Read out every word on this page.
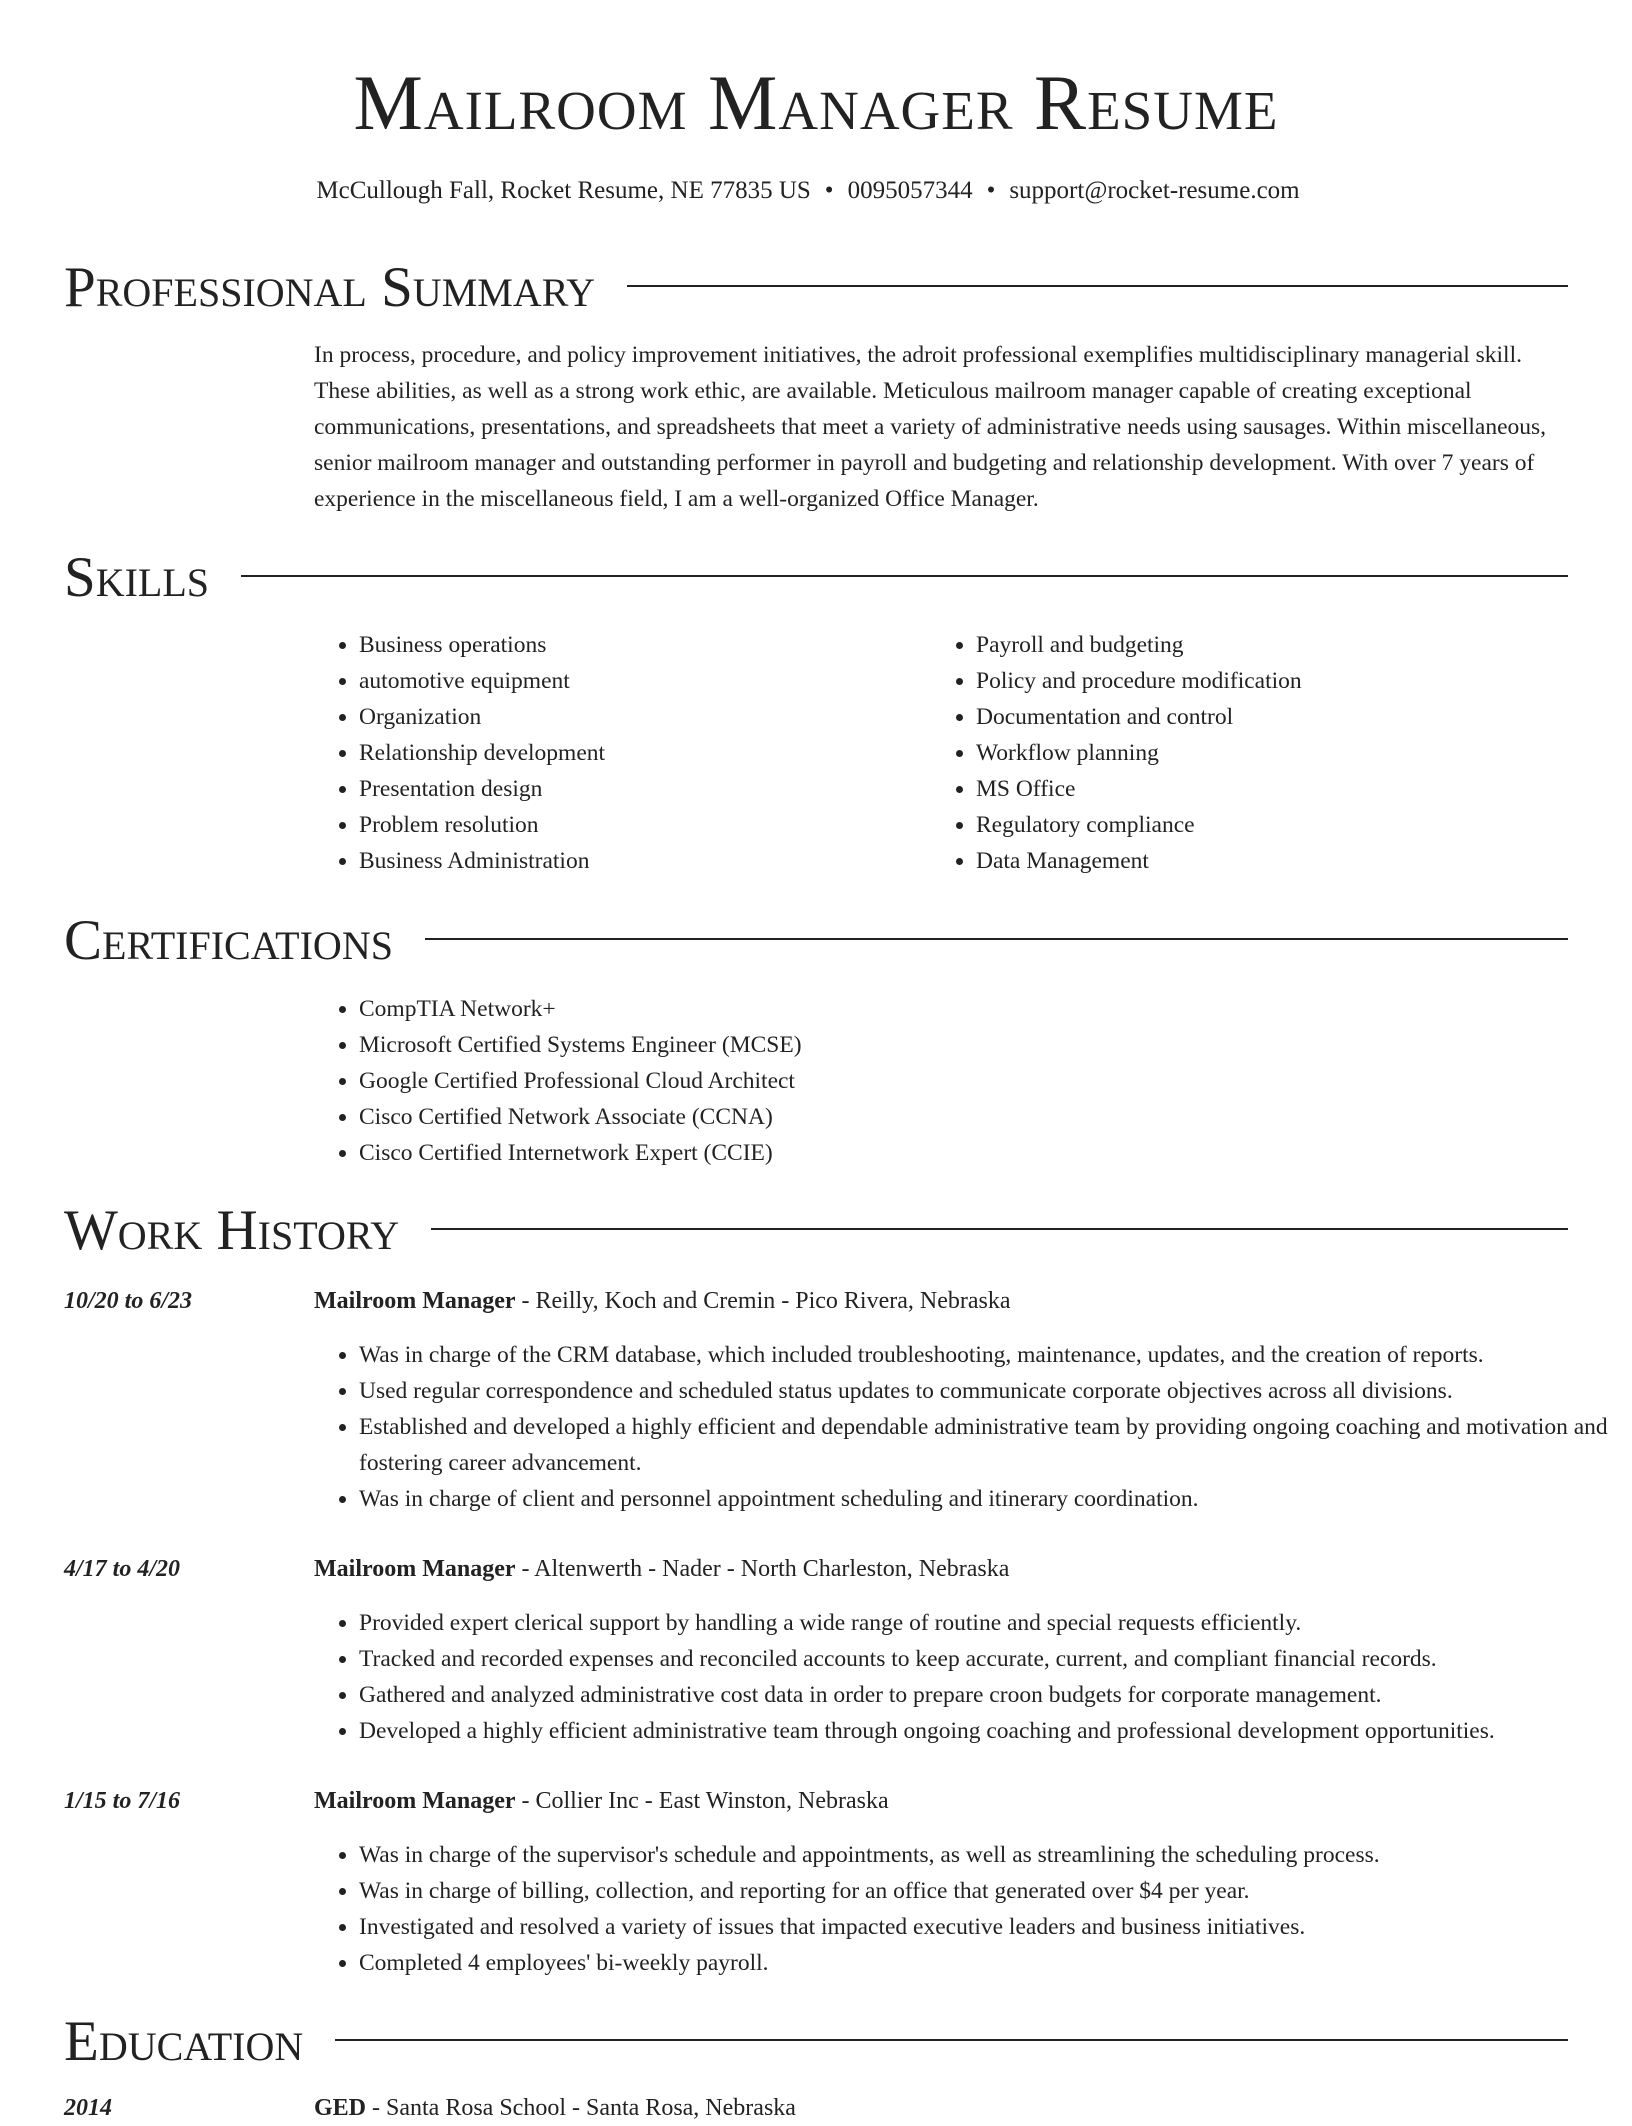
Mailroom Manager Resume
McCullough Fall, Rocket Resume, NE 77835 US • 0095057344 • support@rocket-resume.com
Professional Summary

In process, procedure, and policy improvement initiatives, the adroit professional exemplifies multidisciplinary managerial skill. These abilities, as well as a strong work ethic, are available. Meticulous mailroom manager capable of creating exceptional communications, presentations, and spreadsheets that meet a variety of administrative needs using sausages. Within miscellaneous, senior mailroom manager and outstanding performer in payroll and budgeting and relationship development. With over 7 years of experience in the miscellaneous field, I am a well-organized Office Manager.

Skills
• Business operations
• automotive equipment
• Organization
• Relationship development
• Presentation design
• Problem resolution
• Business Administration
• Payroll and budgeting
• Policy and procedure modification
• Documentation and control
• Workflow planning
• MS Office
• Regulatory compliance
• Data Management
Certifications
• CompTIA Network+
• Microsoft Certified Systems Engineer (MCSE)
• Google Certified Professional Cloud Architect
• Cisco Certified Network Associate (CCNA)
• Cisco Certified Internetwork Expert (CCIE)
Work History
10/20 to 6/23	Mailroom Manager - Reilly, Koch and Cremin - Pico Rivera, Nebraska
• Was in charge of the CRM database, which included troubleshooting, maintenance, updates, and the creation of reports.
• Used regular correspondence and scheduled status updates to communicate corporate objectives across all divisions.
• Established and developed a highly efficient and dependable administrative team by providing ongoing coaching and motivation and fostering career advancement.
• Was in charge of client and personnel appointment scheduling and itinerary coordination.
4/17 to 4/20	Mailroom Manager - Altenwerth - Nader - North Charleston, Nebraska
• Provided expert clerical support by handling a wide range of routine and special requests efficiently.
• Tracked and recorded expenses and reconciled accounts to keep accurate, current, and compliant financial records.
• Gathered and analyzed administrative cost data in order to prepare croon budgets for corporate management.
• Developed a highly efficient administrative team through ongoing coaching and professional development opportunities.
1/15 to 7/16	Mailroom Manager - Collier Inc - East Winston, Nebraska
• Was in charge of the supervisor's schedule and appointments, as well as streamlining the scheduling process.
• Was in charge of billing, collection, and reporting for an office that generated over $4 per year.
• Investigated and resolved a variety of issues that impacted executive leaders and business initiatives.
• Completed 4 employees' bi-weekly payroll.
Education
2014	GED - Santa Rosa School - Santa Rosa, Nebraska
